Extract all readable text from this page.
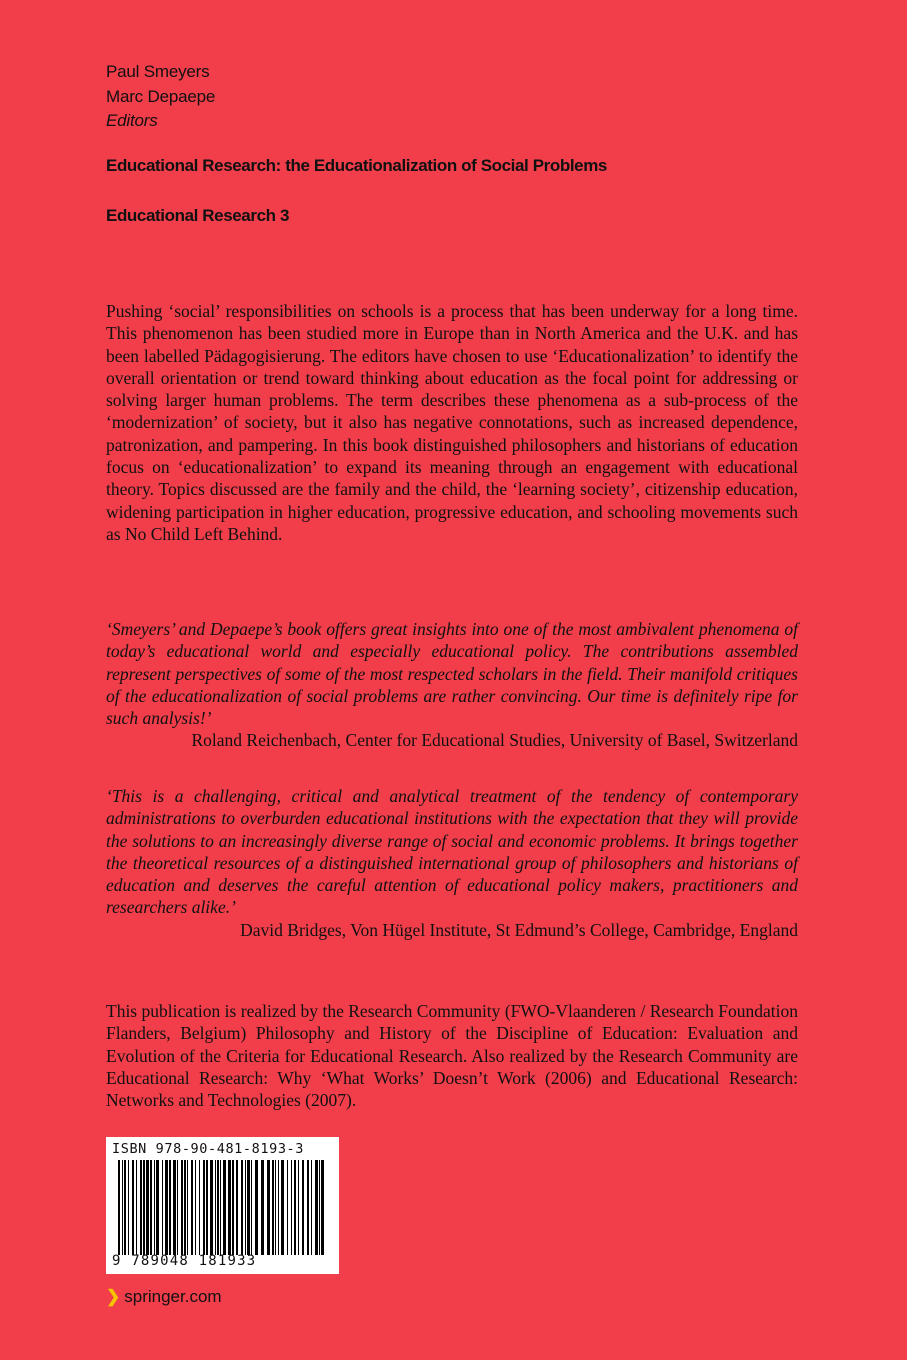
Paul Smeyers
Marc Depaepe
Editors
Educational Research: the Educationalization of Social Problems
Educational Research 3
Pushing ‘social’ responsibilities on schools is a process that has been underway for a long time. This phenomenon has been studied more in Europe than in North America and the U.K. and has been labelled Pädagogisierung. The editors have chosen to use ‘Educationalization’ to identify the overall orientation or trend toward thinking about education as the focal point for addressing or solving larger human problems. The term describes these phenomena as a sub-process of the ‘modernization’ of society, but it also has negative connotations, such as increased dependence, patronization, and pampering. In this book distinguished philosophers and historians of education focus on ‘educationalization’ to expand its meaning through an engagement with educational theory. Topics discussed are the family and the child, the ‘learning society’, citizenship education, widening participation in higher education, progressive education, and schooling movements such as No Child Left Behind.
‘Smeyers’ and Depaepe’s book offers great insights into one of the most ambivalent phenomena of today’s educational world and especially educational policy. The contributions assembled represent perspectives of some of the most respected scholars in the field. Their manifold critiques of the educationalization of social problems are rather convincing. Our time is definitely ripe for such analysis!’
Roland Reichenbach, Center for Educational Studies, University of Basel, Switzerland
‘This is a challenging, critical and analytical treatment of the tendency of contemporary administrations to overburden educational institutions with the expectation that they will provide the solutions to an increasingly diverse range of social and economic problems. It brings together the theoretical resources of a distinguished international group of philosophers and historians of education and deserves the careful attention of educational policy makers, practitioners and researchers alike.’
David Bridges, Von Hügel Institute, St Edmund’s College, Cambridge, England
This publication is realized by the Research Community (FWO-Vlaanderen / Research Foundation Flanders, Belgium) Philosophy and History of the Discipline of Education: Evaluation and Evolution of the Criteria for Educational Research. Also realized by the Research Community are Educational Research: Why ‘What Works’ Doesn’t Work (2006) and Educational Research: Networks and Technologies (2007).
ISBN 978-90-481-8193-3
9 789048 181933
❯ springer.com
